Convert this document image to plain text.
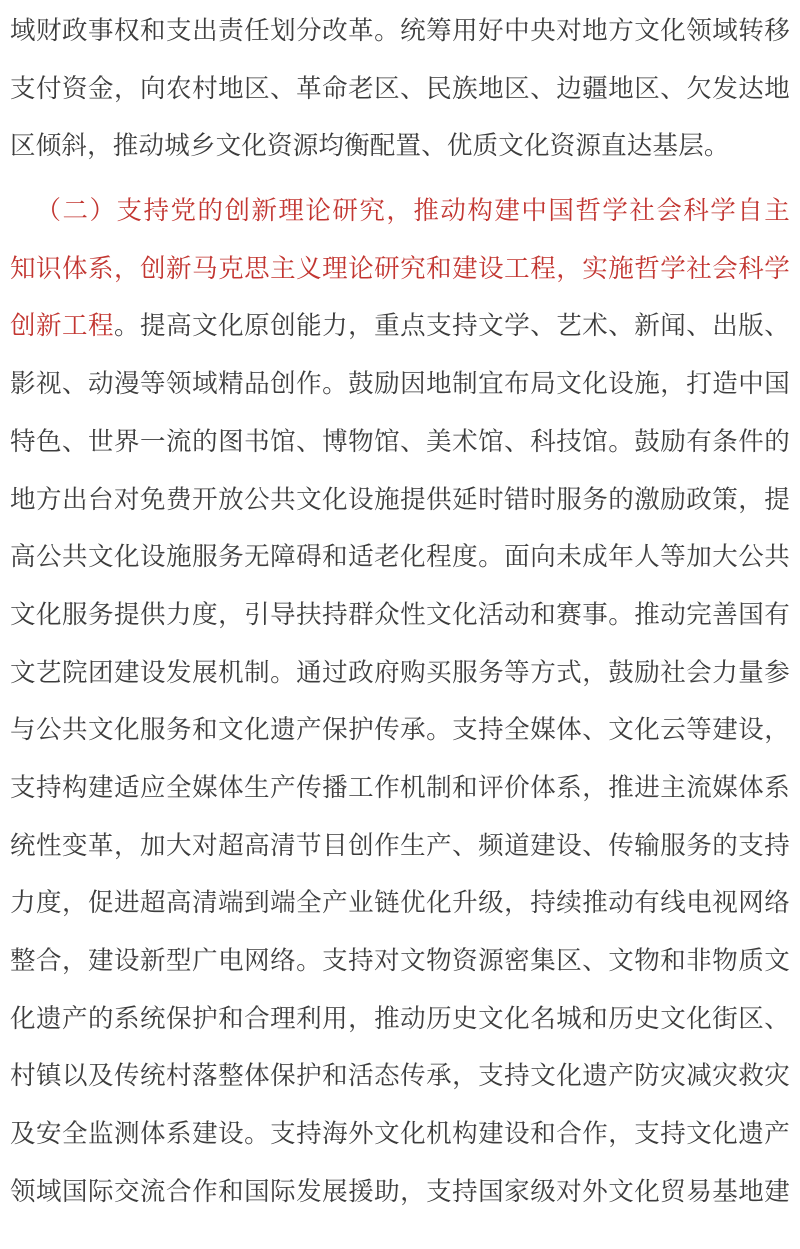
域财政事权和支出责任划分改革。统筹用好中央对地方文化领域转移
支付资金，向农村地区、革命老区、民族地区、边疆地区、欠发达地
区倾斜，推动城乡文化资源均衡配置、优质文化资源直达基层。
（二）支持党的创新理论研究，推动构建中国哲学社会科学自主
知识体系，创新马克思主义理论研究和建设工程，实施哲学社会科学
创新工程。提高文化原创能力，重点支持文学、艺术、新闻、出版、
影视、动漫等领域精品创作。鼓励因地制宜布局文化设施，打造中国
特色、世界一流的图书馆、博物馆、美术馆、科技馆。鼓励有条件的
地方出台对免费开放公共文化设施提供延时错时服务的激励政策，提
高公共文化设施服务无障碍和适老化程度。面向未成年人等加大公共
文化服务提供力度，引导扶持群众性文化活动和赛事。推动完善国有
文艺院团建设发展机制。通过政府购买服务等方式，鼓励社会力量参
与公共文化服务和文化遗产保护传承。支持全媒体、文化云等建设，
支持构建适应全媒体生产传播工作机制和评价体系，推进主流媒体系
统性变革，加大对超高清节目创作生产、频道建设、传输服务的支持
力度，促进超高清端到端全产业链优化升级，持续推动有线电视网络
整合，建设新型广电网络。支持对文物资源密集区、文物和非物质文
化遗产的系统保护和合理利用，推动历史文化名城和历史文化街区、
村镇以及传统村落整体保护和活态传承，支持文化遗产防灾减灾救灾
及安全监测体系建设。支持海外文化机构建设和合作，支持文化遗产
领域国际交流合作和国际发展援助，支持国家级对外文化贸易基地建
